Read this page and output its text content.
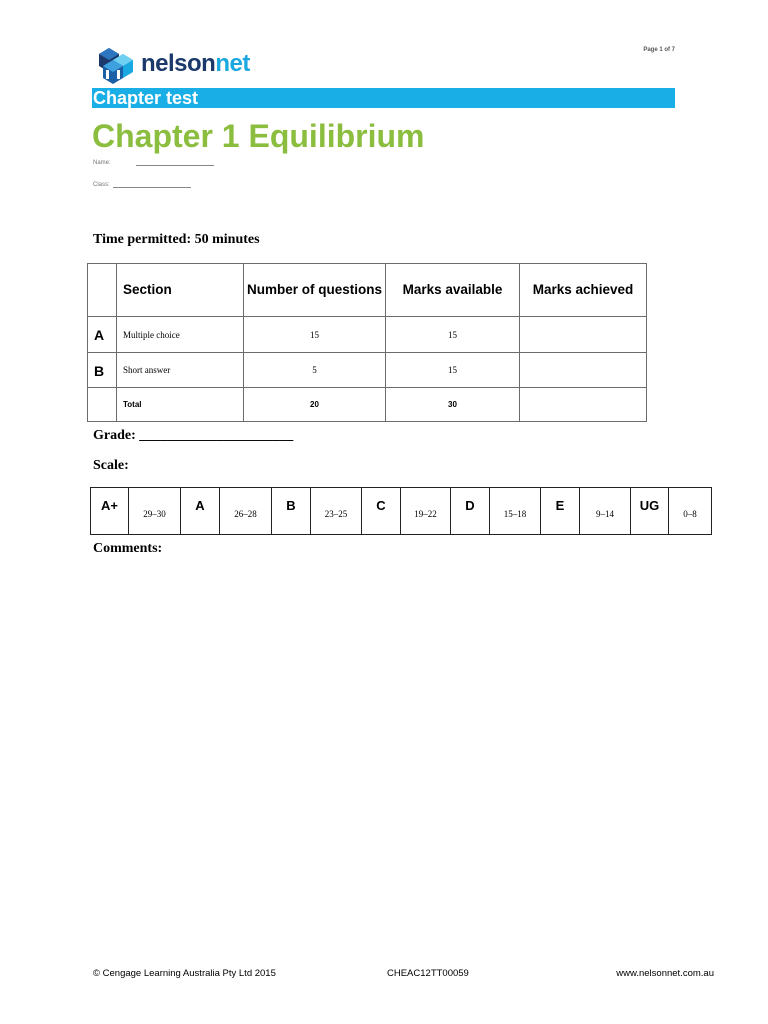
nelsonnet	Page 1 of 7
Chapter test
Chapter 1 Equilibrium
Name:
Class:
Time permitted: 50 minutes
	Section	Number of questions	Marks available	Marks achieved
A	Multiple choice	15	15	
B	Short answer	5	15	
	Total	20	30	
Grade: ______________________
Scale:
A+	29–30	A	26–28	B	23–25	C	19–22	D	15–18	E	9–14	UG	0–8
Comments:
© Cengage Learning Australia Pty Ltd 2015	CHEAC12TT00059	www.nelsonnet.com.au
